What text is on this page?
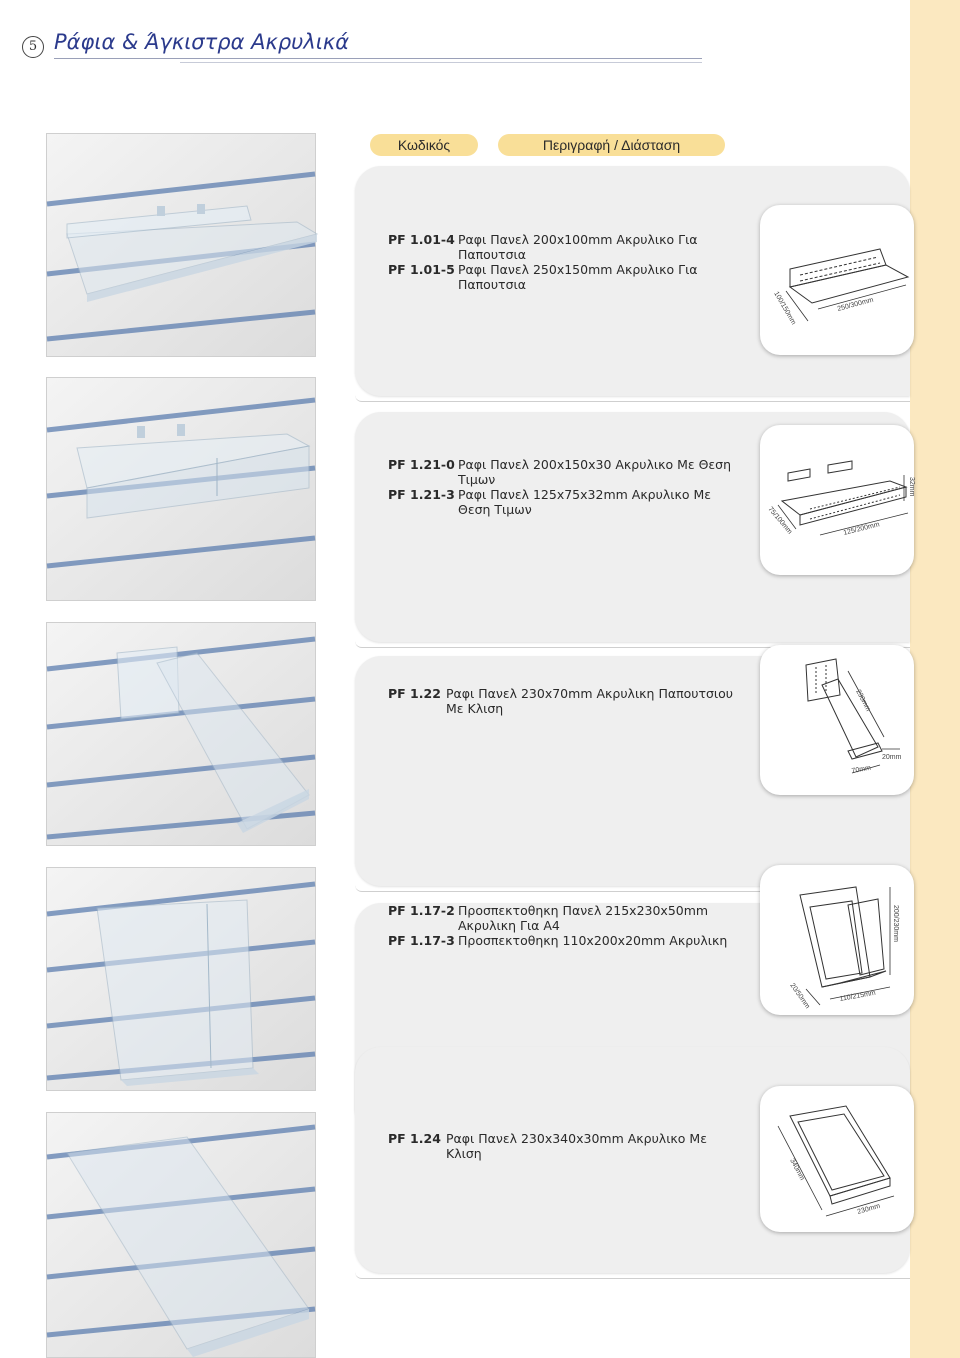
5 Ράφια & Άγκιστρα Ακρυλικά
Κωδικός	Περιγραφή / Διάσταση
PF 1.01-4 Ραφι Πανελ 200x100mm Ακρυλικο Για
Παπουτσια
PF 1.01-5 Ραφι Πανελ 250x150mm Ακρυλικο Για
Παπουτσια
100/150mm	250/300mm
PF 1.21-0 Ραφι Πανελ 200x150x30 Ακρυλικο Με Θεση
Τιμων
PF 1.21-3 Ραφι Πανελ 125x75x32mm Ακρυλικο Με
Θεση Τιμων	75/100mm	125/200mm
32mm
PF 1.22 Ραφι Πανελ 230x70mm Ακρυλικη Παπουτσιου
Με Κλιση	230mm
20mm
70mm
PF 1.17-2 Προσπεκτοθηκη Πανελ 215x230x50mm
Ακρυλικη Για Α4
PF 1.17-3 Προσπεκτοθηκη 110x200x20mm Ακρυλικη	200/230mm
20/50mm	110/215mm
PF 1.24 Ραφι Πανελ 230x340x30mm Ακρυλικο Με
Κλιση
340mm
230mm
